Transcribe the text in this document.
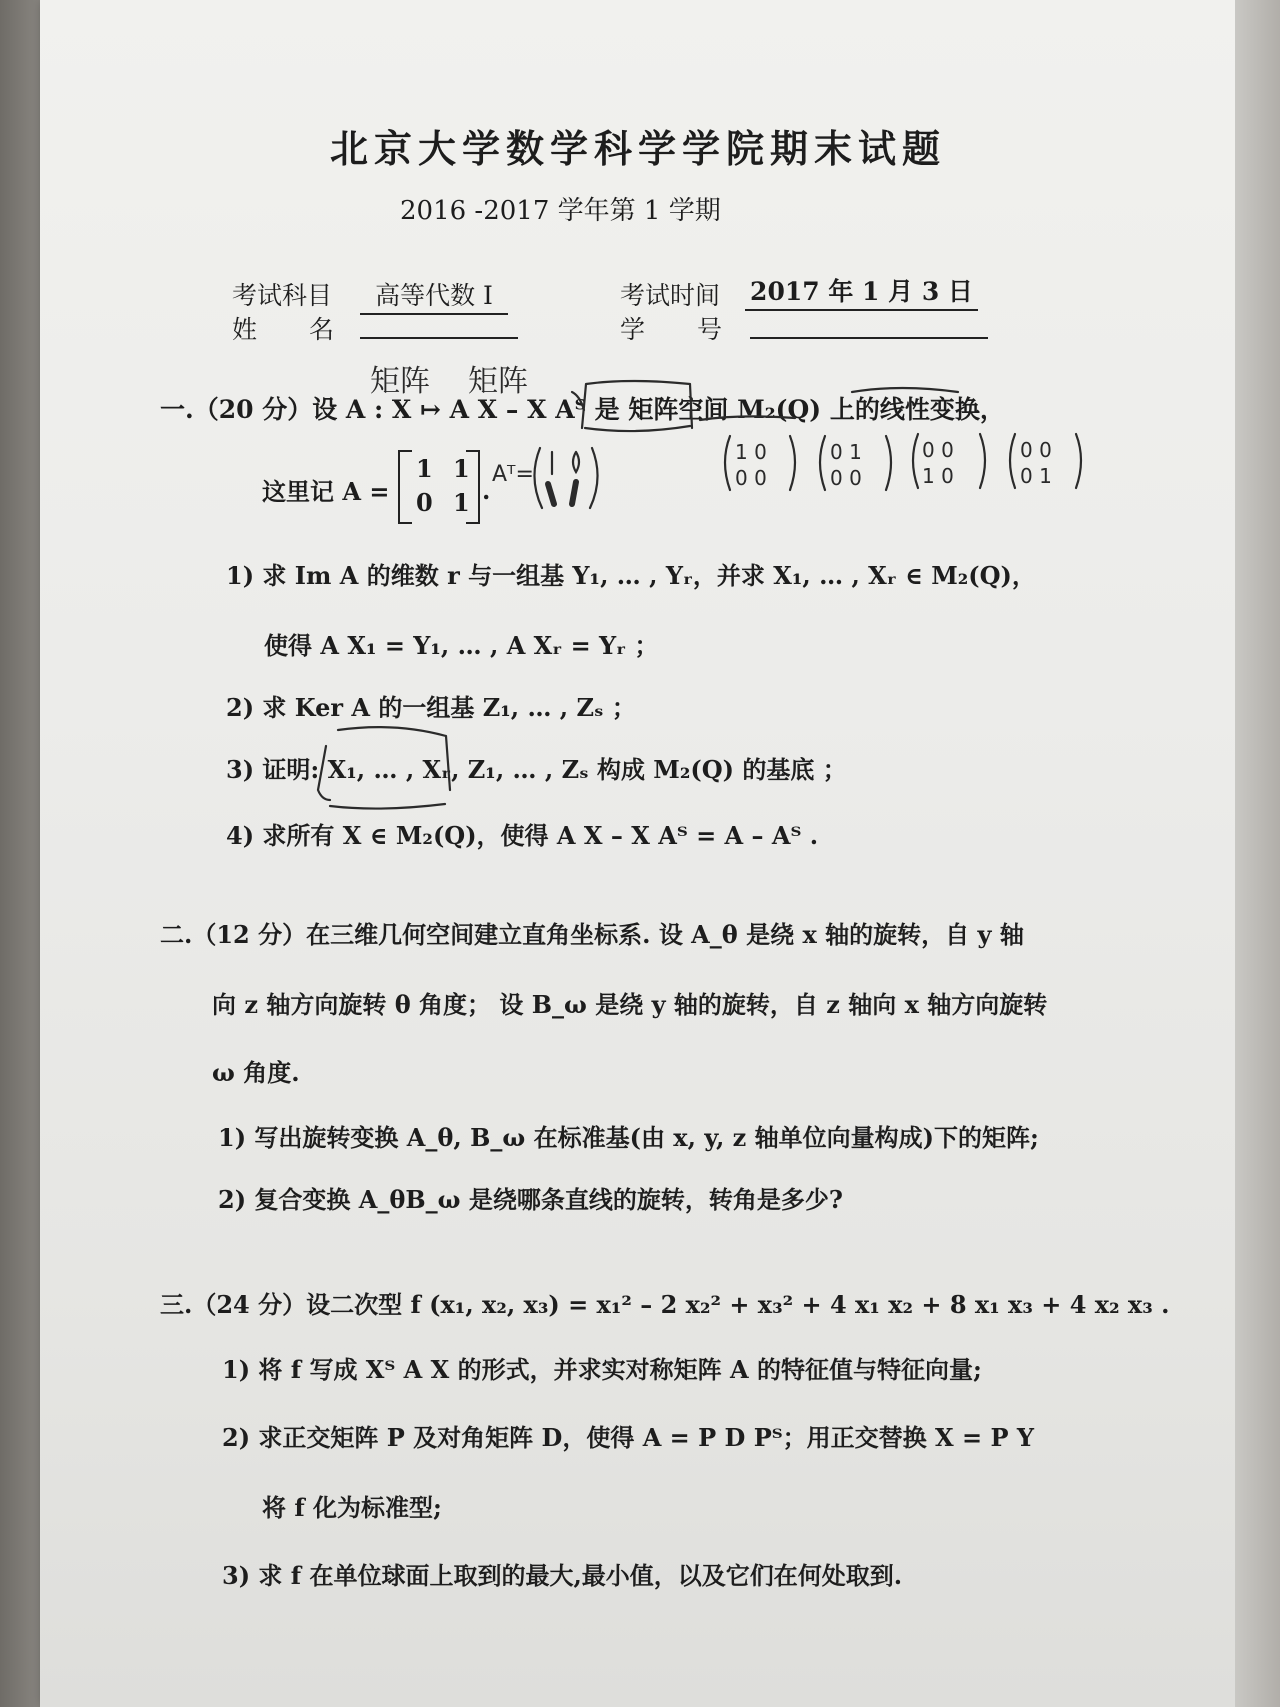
北京大学数学科学学院期末试题
2016 -2017 学年第 1 学期
考试科目	高等代数 I	考试时间 2017 年 1 月 3 日
姓 名	学 号
矩阵 矩阵
一.（20 分）设 A : X ↦ A X – X Aᵀ 是 矩阵空间 M₂(Q) 上的线性变换，
这里记 A =
1 1
0 1 .
Aᵀ=
1 0
0 0
0 1
0 0
0 0
1 0
0 0
0 1
1) 求 Im A 的维数 r 与一组基 Y₁, … , Yᵣ，并求 X₁, … , Xᵣ ∈ M₂(Q)，
使得 A X₁ = Y₁, … , A Xᵣ = Yᵣ ；
2) 求 Ker A 的一组基 Z₁, … , Zₛ ；
3) 证明: X₁, … , Xᵣ, Z₁, … , Zₛ 构成 M₂(Q) 的基底 ；
4) 求所有 X ∈ M₂(Q)，使得 A X – X Aᵀ = A – Aᵀ .
二.（12 分）在三维几何空间建立直角坐标系. 设 A_θ 是绕 x 轴的旋转，自 y 轴
向 z 轴方向旋转 θ 角度； 设 B_ω 是绕 y 轴的旋转，自 z 轴向 x 轴方向旋转
ω 角度.
1) 写出旋转变换 A_θ, B_ω 在标准基(由 x, y, z 轴单位向量构成)下的矩阵;
2) 复合变换 A_θB_ω 是绕哪条直线的旋转，转角是多少?
三.（24 分）设二次型 f (x₁, x₂, x₃) = x₁² – 2 x₂² + x₃² + 4 x₁ x₂ + 8 x₁ x₃ + 4 x₂ x₃ .
1) 将 f 写成 Xᵀ A X 的形式，并求实对称矩阵 A 的特征值与特征向量;
2) 求正交矩阵 P 及对角矩阵 D，使得 A = P D Pᵀ；用正交替换 X = P Y
将 f 化为标准型;
3) 求 f 在单位球面上取到的最大,最小值，以及它们在何处取到.
